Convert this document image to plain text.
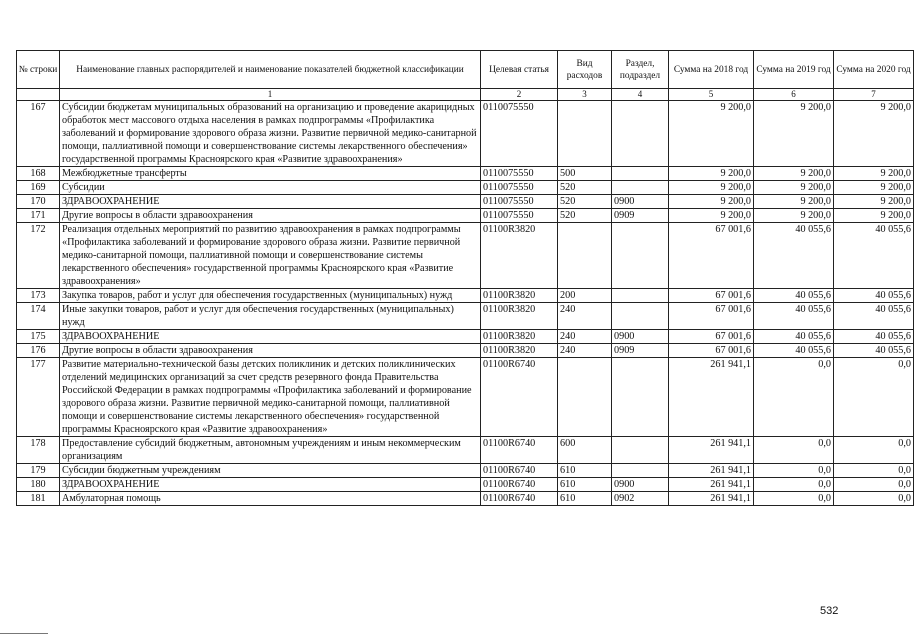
№ строки	Наименование главных распорядителей и наименование показателей бюджетной классификации	Целевая статья	Вид расходов	Раздел, подраздел	Сумма на 2018 год	Сумма на 2019 год	Сумма на 2020 год
	1	2	3	4	5	6	7
167	Субсидии бюджетам муниципальных образований на организацию и проведение акарицидных обработок мест массового отдыха населения в рамках подпрограммы «Профилактика заболеваний и формирование здорового образа жизни. Развитие первичной медико-санитарной помощи, паллиативной помощи и совершенствование системы лекарственного обеспечения» государственной программы Красноярского края «Развитие здравоохранения»	0110075550			9 200,0	9 200,0	9 200,0
168	Межбюджетные трансферты	0110075550	500		9 200,0	9 200,0	9 200,0
169	Субсидии	0110075550	520		9 200,0	9 200,0	9 200,0
170	ЗДРАВООХРАНЕНИЕ	0110075550	520	0900	9 200,0	9 200,0	9 200,0
171	Другие вопросы в области здравоохранения	0110075550	520	0909	9 200,0	9 200,0	9 200,0
172	Реализация отдельных мероприятий по развитию здравоохранения в рамках подпрограммы «Профилактика заболеваний и формирование здорового образа жизни. Развитие первичной медико-санитарной помощи, паллиативной помощи и совершенствование системы лекарственного обеспечения» государственной программы Красноярского края «Развитие здравоохранения»	01100R3820			67 001,6	40 055,6	40 055,6
173	Закупка товаров, работ и услуг для обеспечения государственных (муниципальных) нужд	01100R3820	200		67 001,6	40 055,6	40 055,6
174	Иные закупки товаров, работ и услуг для обеспечения государственных (муниципальных) нужд	01100R3820	240		67 001,6	40 055,6	40 055,6
175	ЗДРАВООХРАНЕНИЕ	01100R3820	240	0900	67 001,6	40 055,6	40 055,6
176	Другие вопросы в области здравоохранения	01100R3820	240	0909	67 001,6	40 055,6	40 055,6
177	Развитие материально-технической базы детских поликлиник и детских поликлинических отделений медицинских организаций за счет средств резервного фонда Правительства Российской Федерации в рамках подпрограммы «Профилактика заболеваний и формирование здорового образа жизни. Развитие первичной медико-санитарной помощи, паллиативной помощи и совершенствование системы лекарственного обеспечения» государственной программы Красноярского края «Развитие здравоохранения»	01100R6740			261 941,1	0,0	0,0
178	Предоставление субсидий бюджетным, автономным учреждениям и иным некоммерческим организациям	01100R6740	600		261 941,1	0,0	0,0
179	Субсидии бюджетным учреждениям	01100R6740	610		261 941,1	0,0	0,0
180	ЗДРАВООХРАНЕНИЕ	01100R6740	610	0900	261 941,1	0,0	0,0
181	Амбулаторная помощь	01100R6740	610	0902	261 941,1	0,0	0,0
532
